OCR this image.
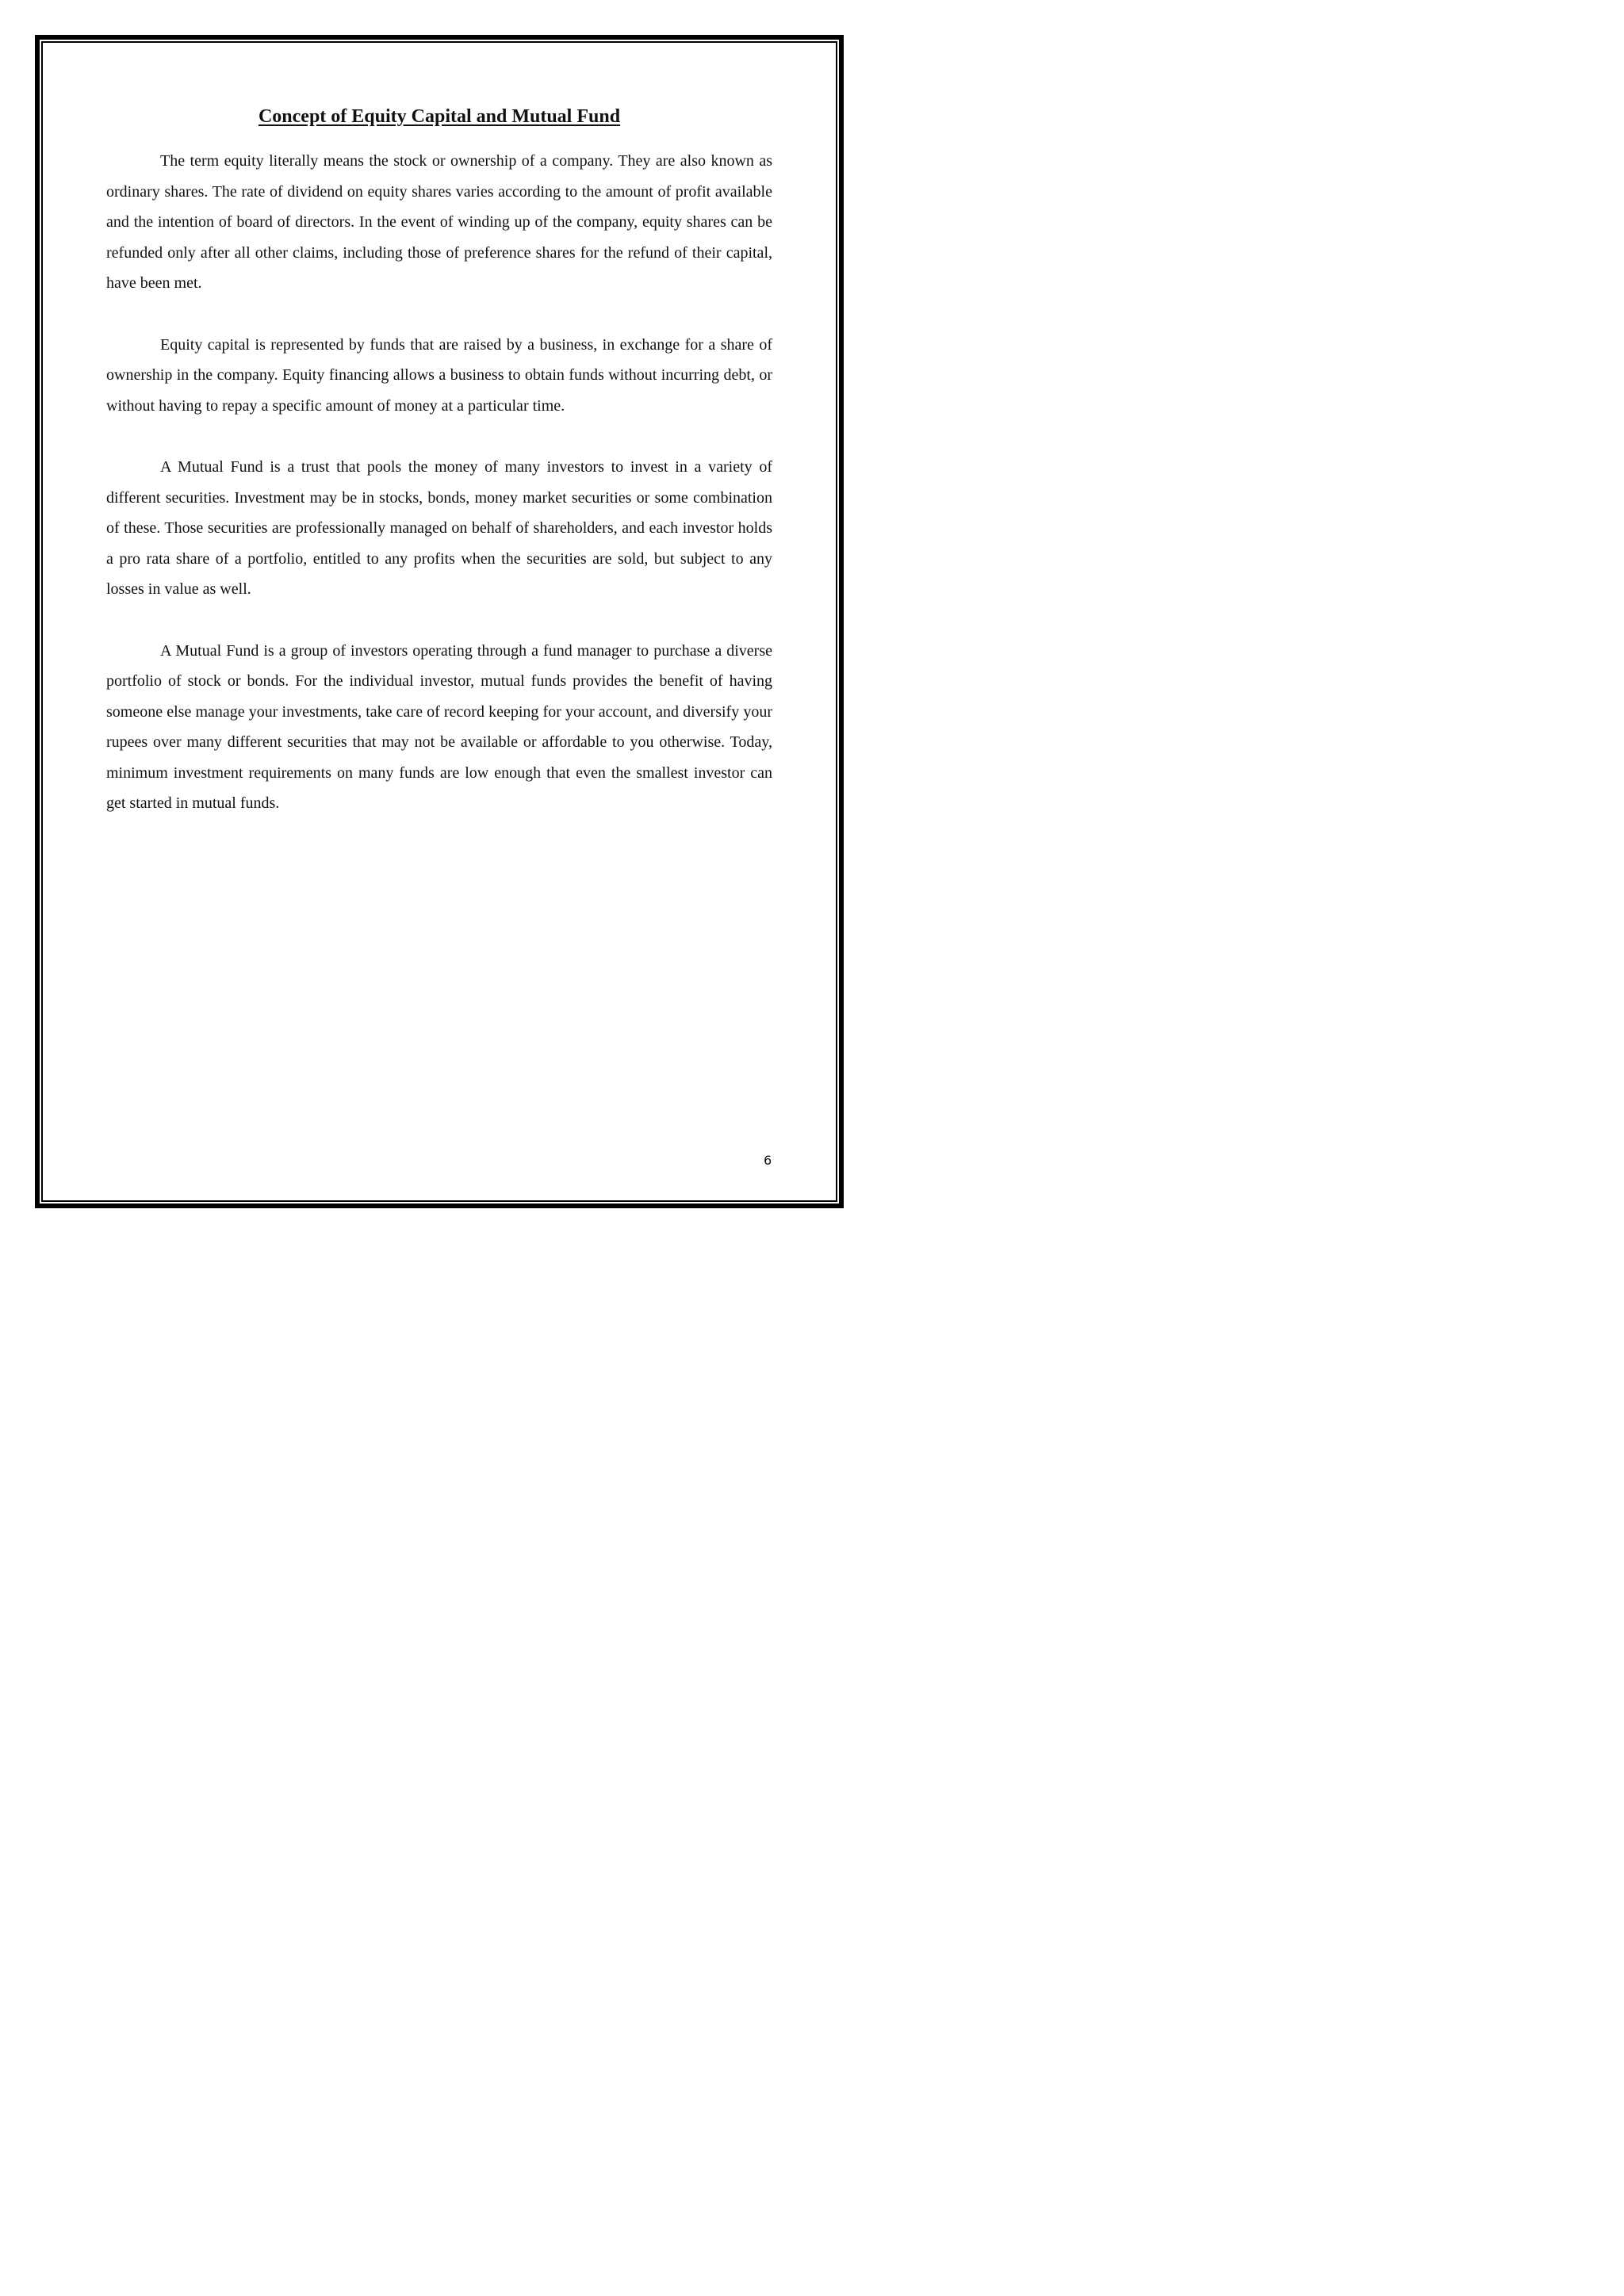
Concept of Equity Capital and Mutual Fund

The term equity literally means the stock or ownership of a company. They are also known as ordinary shares. The rate of dividend on equity shares varies according to the amount of profit available and the intention of board of directors. In the event of winding up of the company, equity shares can be refunded only after all other claims, including those of preference shares for the refund of their capital, have been met.

Equity capital is represented by funds that are raised by a business, in exchange for a share of ownership in the company. Equity financing allows a business to obtain funds without incurring debt, or without having to repay a specific amount of money at a particular time.

A Mutual Fund is a trust that pools the money of many investors to invest in a variety of different securities. Investment may be in stocks, bonds, money market securities or some combination of these. Those securities are professionally managed on behalf of shareholders, and each investor holds a pro rata share of a portfolio, entitled to any profits when the securities are sold, but subject to any losses in value as well.

A Mutual Fund is a group of investors operating through a fund manager to purchase a diverse portfolio of stock or bonds. For the individual investor, mutual funds provides the benefit of having someone else manage your investments, take care of record keeping for your account, and diversify your rupees over many different securities that may not be available or affordable to you otherwise. Today, minimum investment requirements on many funds are low enough that even the smallest investor can get started in mutual funds.

6
